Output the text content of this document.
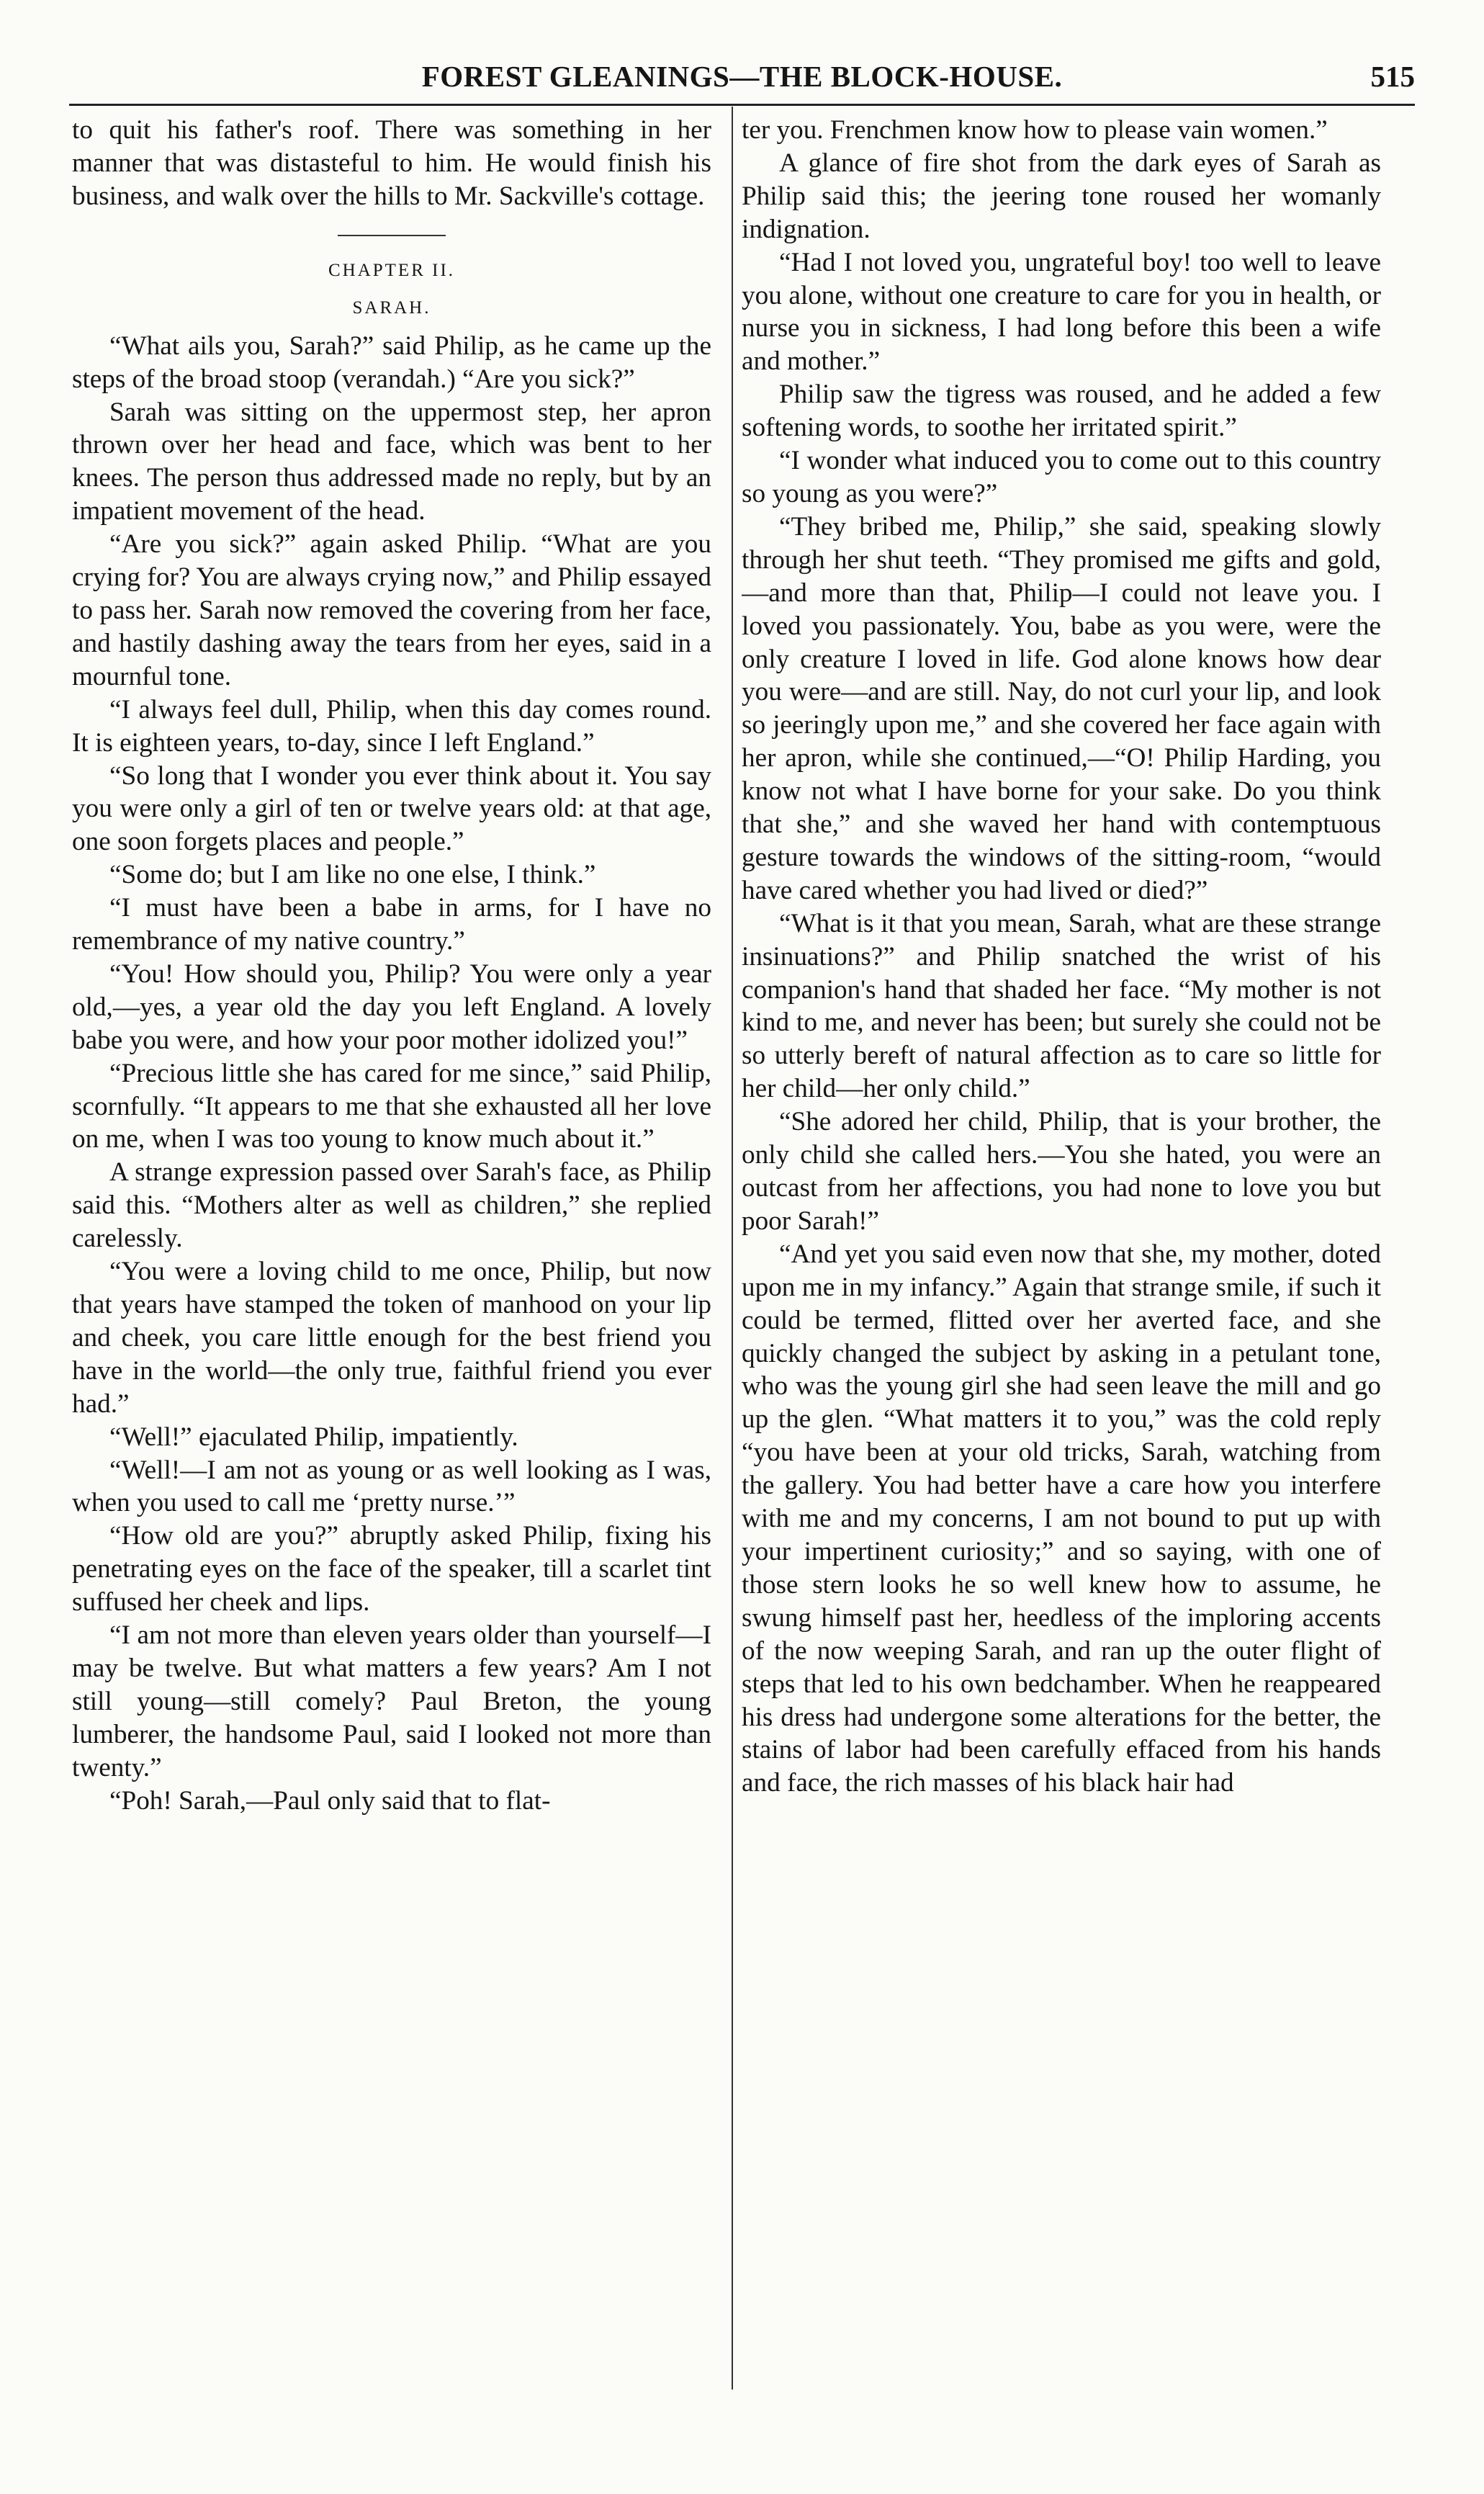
FOREST GLEANINGS—THE BLOCK-HOUSE.	515

to quit his father's roof. There was something in her manner that was distasteful to him. He would finish his business, and walk over the hills to Mr. Sackville's cottage.

CHAPTER II.
SARAH.

“What ails you, Sarah?” said Philip, as he came up the steps of the broad stoop (verandah.) “Are you sick?”

Sarah was sitting on the uppermost step, her apron thrown over her head and face, which was bent to her knees. The person thus addressed made no reply, but by an impatient movement of the head.

“Are you sick?” again asked Philip. “What are you crying for? You are always crying now,” and Philip essayed to pass her. Sarah now removed the covering from her face, and hastily dashing away the tears from her eyes, said in a mournful tone.

“I always feel dull, Philip, when this day comes round. It is eighteen years, to-day, since I left England.”

“So long that I wonder you ever think about it. You say you were only a girl of ten or twelve years old: at that age, one soon forgets places and people.”

“Some do; but I am like no one else, I think.”

“I must have been a babe in arms, for I have no remembrance of my native country.”

“You! How should you, Philip? You were only a year old,—yes, a year old the day you left England. A lovely babe you were, and how your poor mother idolized you!”

“Precious little she has cared for me since,” said Philip, scornfully. “It appears to me that she exhausted all her love on me, when I was too young to know much about it.”

A strange expression passed over Sarah's face, as Philip said this. “Mothers alter as well as children,” she replied carelessly.

“You were a loving child to me once, Philip, but now that years have stamped the token of manhood on your lip and cheek, you care little enough for the best friend you have in the world—the only true, faithful friend you ever had.”

“Well!” ejaculated Philip, impatiently.

“Well!—I am not as young or as well looking as I was, when you used to call me ‘pretty nurse.’”

“How old are you?” abruptly asked Philip, fixing his penetrating eyes on the face of the speaker, till a scarlet tint suffused her cheek and lips.

“I am not more than eleven years older than yourself—I may be twelve. But what matters a few years? Am I not still young—still comely? Paul Breton, the young lumberer, the handsome Paul, said I looked not more than twenty.”

“Poh! Sarah,—Paul only said that to flat-

ter you. Frenchmen know how to please vain women.”

A glance of fire shot from the dark eyes of Sarah as Philip said this; the jeering tone roused her womanly indignation.

“Had I not loved you, ungrateful boy! too well to leave you alone, without one creature to care for you in health, or nurse you in sickness, I had long before this been a wife and mother.”

Philip saw the tigress was roused, and he added a few softening words, to soothe her irritated spirit.”

“I wonder what induced you to come out to this country so young as you were?”

“They bribed me, Philip,” she said, speaking slowly through her shut teeth. “They promised me gifts and gold,—and more than that, Philip—I could not leave you. I loved you passionately. You, babe as you were, were the only creature I loved in life. God alone knows how dear you were—and are still. Nay, do not curl your lip, and look so jeeringly upon me,” and she covered her face again with her apron, while she continued,—“O! Philip Harding, you know not what I have borne for your sake. Do you think that she,” and she waved her hand with contemptuous gesture towards the windows of the sitting-room, “would have cared whether you had lived or died?”

“What is it that you mean, Sarah, what are these strange insinuations?” and Philip snatched the wrist of his companion's hand that shaded her face. “My mother is not kind to me, and never has been; but surely she could not be so utterly bereft of natural affection as to care so little for her child—her only child.”

“She adored her child, Philip, that is your brother, the only child she called hers.—You she hated, you were an outcast from her affections, you had none to love you but poor Sarah!”

“And yet you said even now that she, my mother, doted upon me in my infancy.” Again that strange smile, if such it could be termed, flitted over her averted face, and she quickly changed the subject by asking in a petulant tone, who was the young girl she had seen leave the mill and go up the glen. “What matters it to you,” was the cold reply “you have been at your old tricks, Sarah, watching from the gallery. You had better have a care how you interfere with me and my concerns, I am not bound to put up with your impertinent curiosity;” and so saying, with one of those stern looks he so well knew how to assume, he swung himself past her, heedless of the imploring accents of the now weeping Sarah, and ran up the outer flight of steps that led to his own bedchamber. When he reappeared his dress had undergone some alterations for the better, the stains of labor had been carefully effaced from his hands and face, the rich masses of his black hair had
